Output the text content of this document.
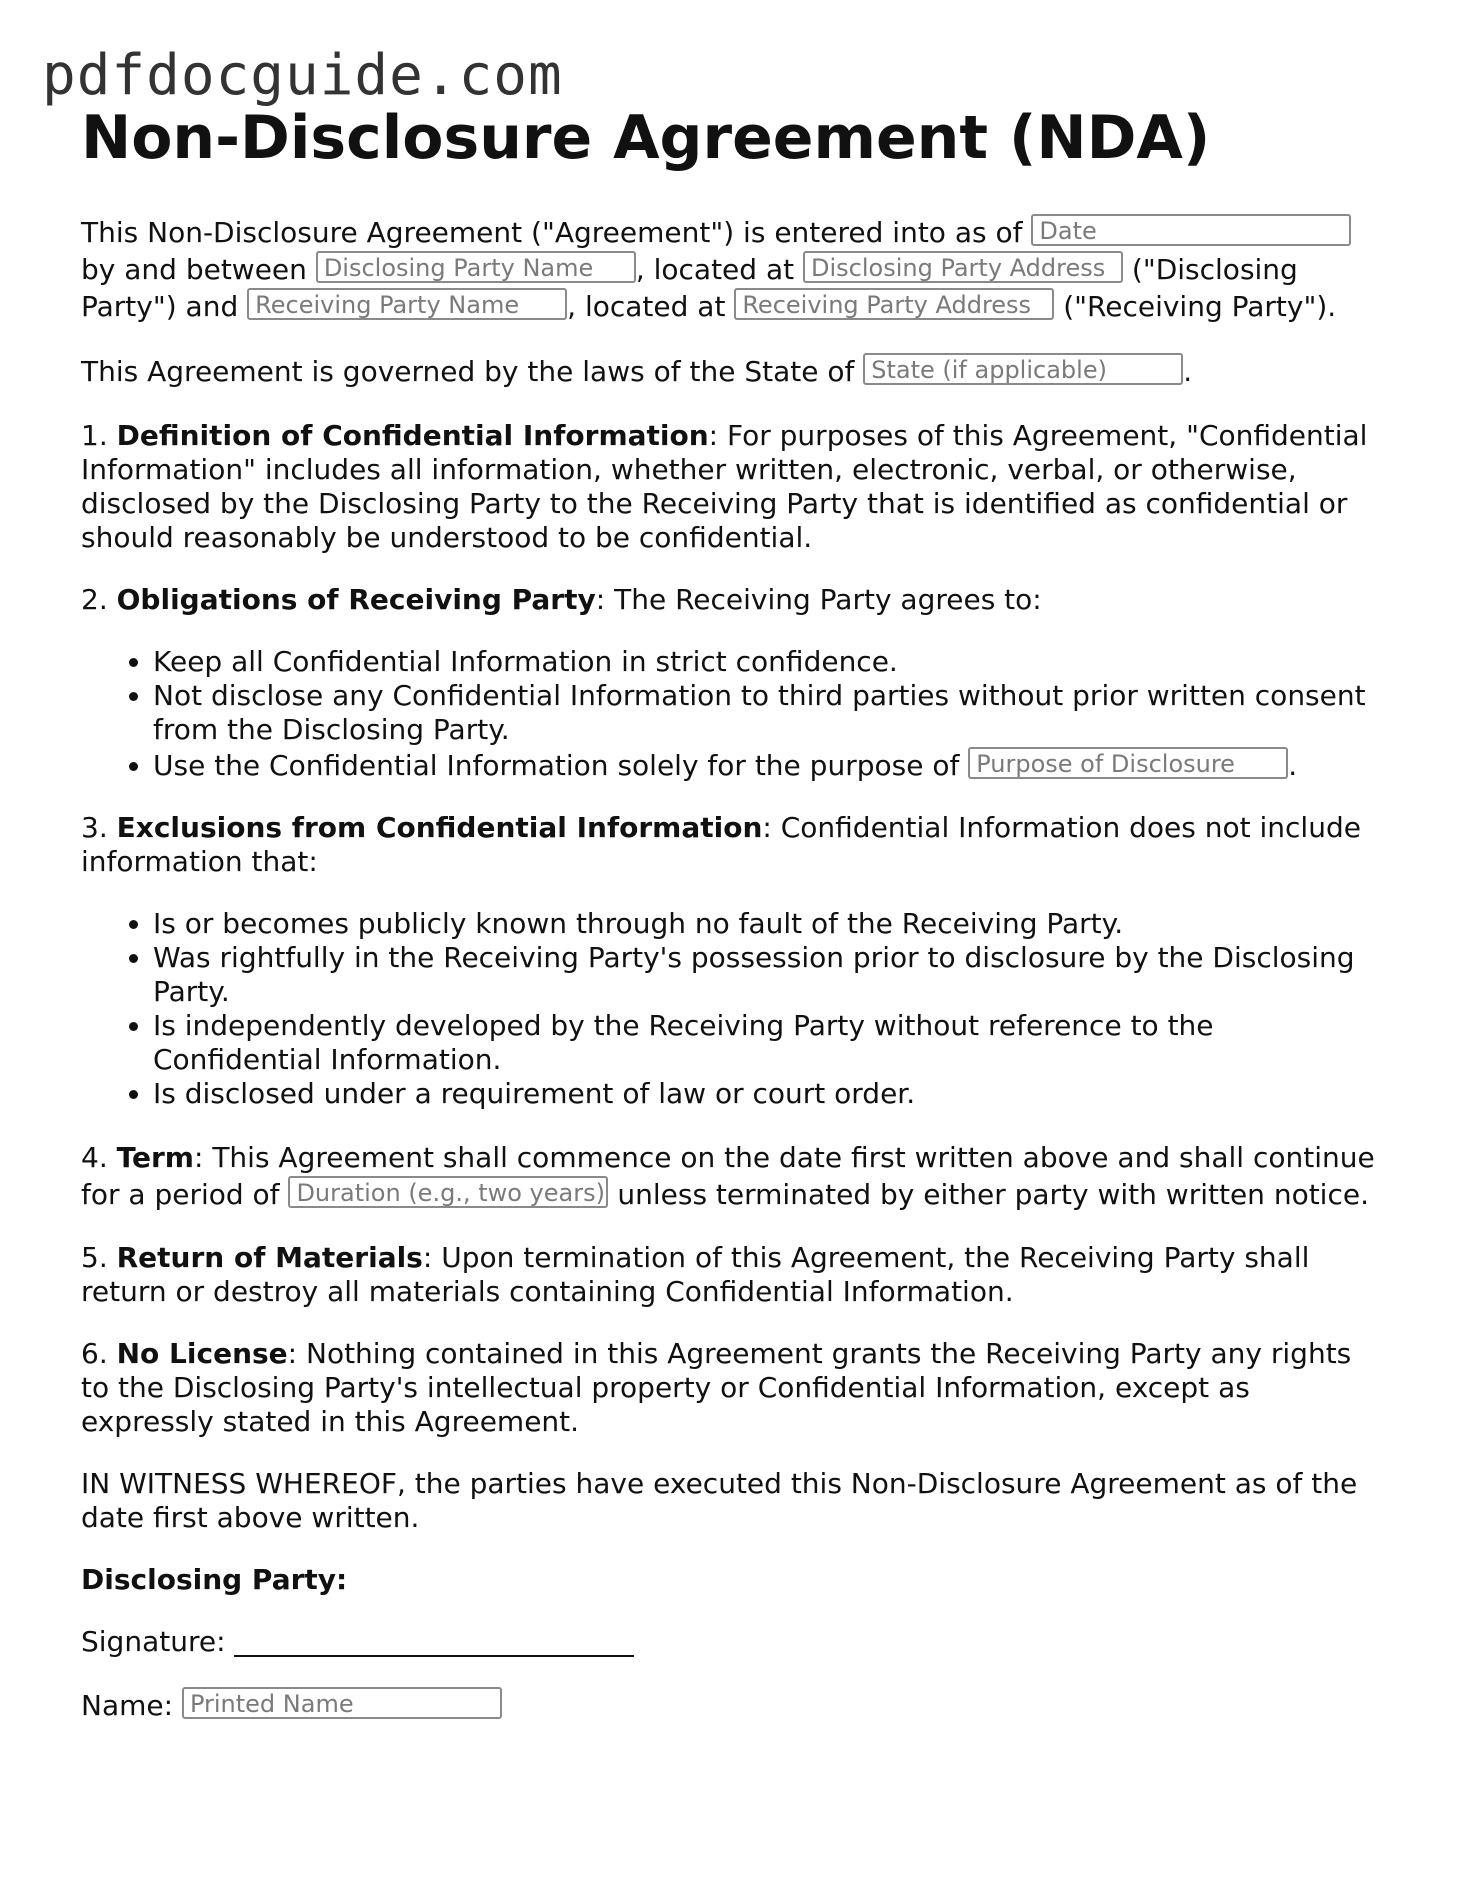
pdfdocguide.com
Non-Disclosure Agreement (NDA)

This Non-Disclosure Agreement ("Agreement") is entered into as of Date by and between Disclosing Party Name , located at Disclosing Party Address ("Disclosing Party") and Receiving Party Name , located at Receiving Party Address ("Receiving Party").

This Agreement is governed by the laws of the State of State (if applicable)	.

1. Definition of Confidential Information: For purposes of this Agreement, "Confidential Information" includes all information, whether written, electronic, verbal, or otherwise, disclosed by the Disclosing Party to the Receiving Party that is identified as confidential or should reasonably be understood to be confidential.

2. Obligations of Receiving Party: The Receiving Party agrees to:

• Keep all Confidential Information in strict confidence.
• Not disclose any Confidential Information to third parties without prior written consent from the Disclosing Party.
• Use the Confidential Information solely for the purpose of Purpose of Disclosure .

3. Exclusions from Confidential Information: Confidential Information does not include information that:

• Is or becomes publicly known through no fault of the Receiving Party.
• Was rightfully in the Receiving Party's possession prior to disclosure by the Disclosing Party.
• Is independently developed by the Receiving Party without reference to the Confidential Information.
• Is disclosed under a requirement of law or court order.

4. Term: This Agreement shall commence on the date first written above and shall continue for a period of Duration (e.g., two years) unless terminated by either party with written notice.

5. Return of Materials: Upon termination of this Agreement, the Receiving Party shall return or destroy all materials containing Confidential Information.

6. No License: Nothing contained in this Agreement grants the Receiving Party any rights to the Disclosing Party's intellectual property or Confidential Information, except as expressly stated in this Agreement.

IN WITNESS WHEREOF, the parties have executed this Non-Disclosure Agreement as of the date first above written.

Disclosing Party:

Signature:

Name: Printed Name
